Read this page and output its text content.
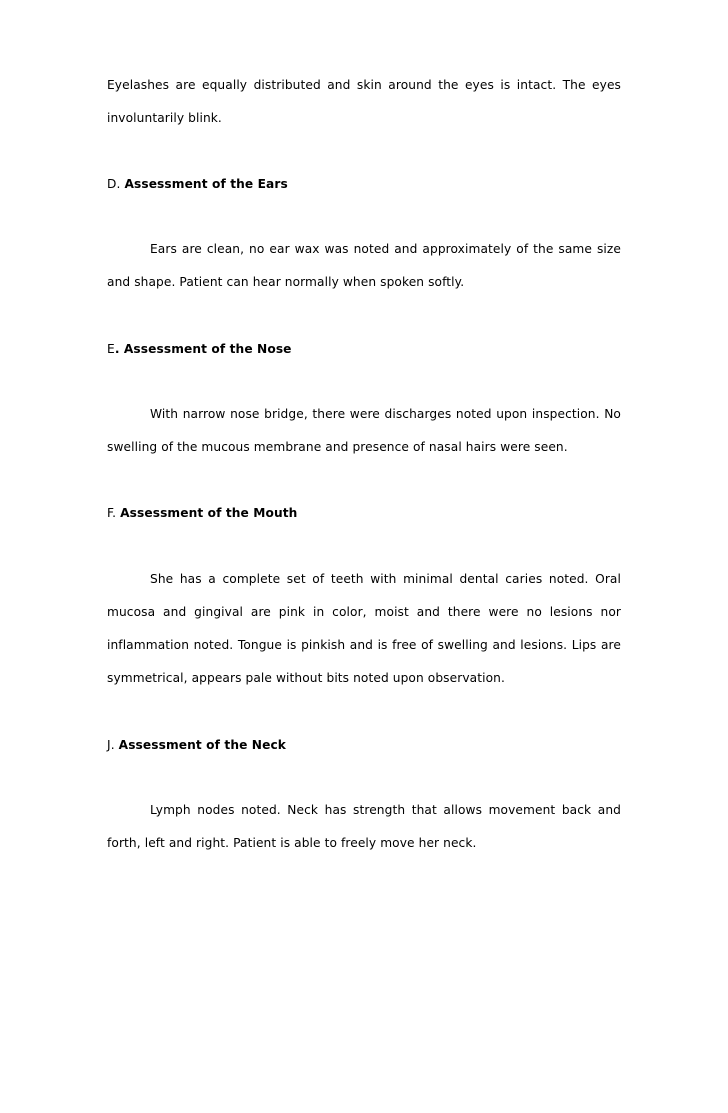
Eyelashes are equally distributed and skin around the eyes is intact. The eyes involuntarily blink.

D. Assessment of the Ears

Ears are clean, no ear wax was noted and approximately of the same size and shape. Patient can hear normally when spoken softly.

E. Assessment of the Nose

With narrow nose bridge, there were discharges noted upon inspection. No swelling of the mucous membrane and presence of nasal hairs were seen.

F. Assessment of the Mouth

She has a complete set of teeth with minimal dental caries noted. Oral mucosa and gingival are pink in color, moist and there were no lesions nor inflammation noted. Tongue is pinkish and is free of swelling and lesions. Lips are symmetrical, appears pale without bits noted upon observation.

J. Assessment of the Neck

Lymph nodes noted. Neck has strength that allows movement back and forth, left and right. Patient is able to freely move her neck.
